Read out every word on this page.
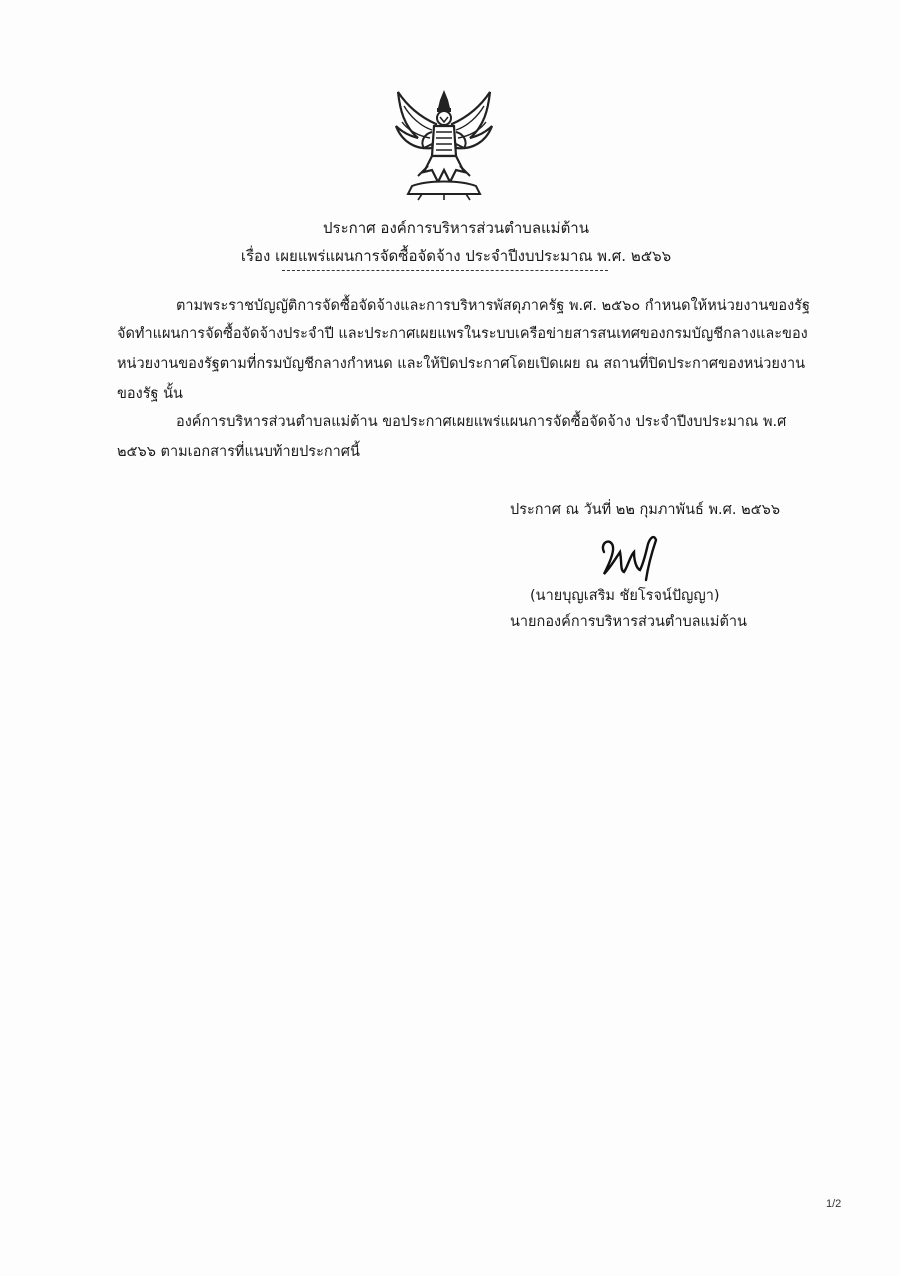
ประกาศ องค์การบริหารส่วนตำบลแม่ต้าน
เรื่อง เผยแพร่แผนการจัดซื้อจัดจ้าง ประจำปีงบประมาณ พ.ศ. ๒๕๖๖
ตามพระราชบัญญัติการจัดซื้อจัดจ้างและการบริหารพัสดุภาครัฐ พ.ศ. ๒๕๖๐ กำหนดให้หน่วยงานของรัฐ
จัดทำแผนการจัดซื้อจัดจ้างประจำปี และประกาศเผยแพรในระบบเครือข่ายสารสนเทศของกรมบัญชีกลางและของ
หน่วยงานของรัฐตามที่กรมบัญชีกลางกำหนด และให้ปิดประกาศโดยเปิดเผย ณ สถานที่ปิดประกาศของหน่วยงาน
ของรัฐ นั้น
องค์การบริหารส่วนตำบลแม่ต้าน ขอประกาศเผยแพร่แผนการจัดซื้อจัดจ้าง ประจำปีงบประมาณ พ.ศ
๒๕๖๖ ตามเอกสารที่แนบท้ายประกาศนี้
ประกาศ ณ วันที่ ๒๒ กุมภาพันธ์ พ.ศ. ๒๕๖๖
(นายบุญเสริม ชัยโรจน์ปัญญา)
นายกองค์การบริหารส่วนตำบลแม่ต้าน
1/2
